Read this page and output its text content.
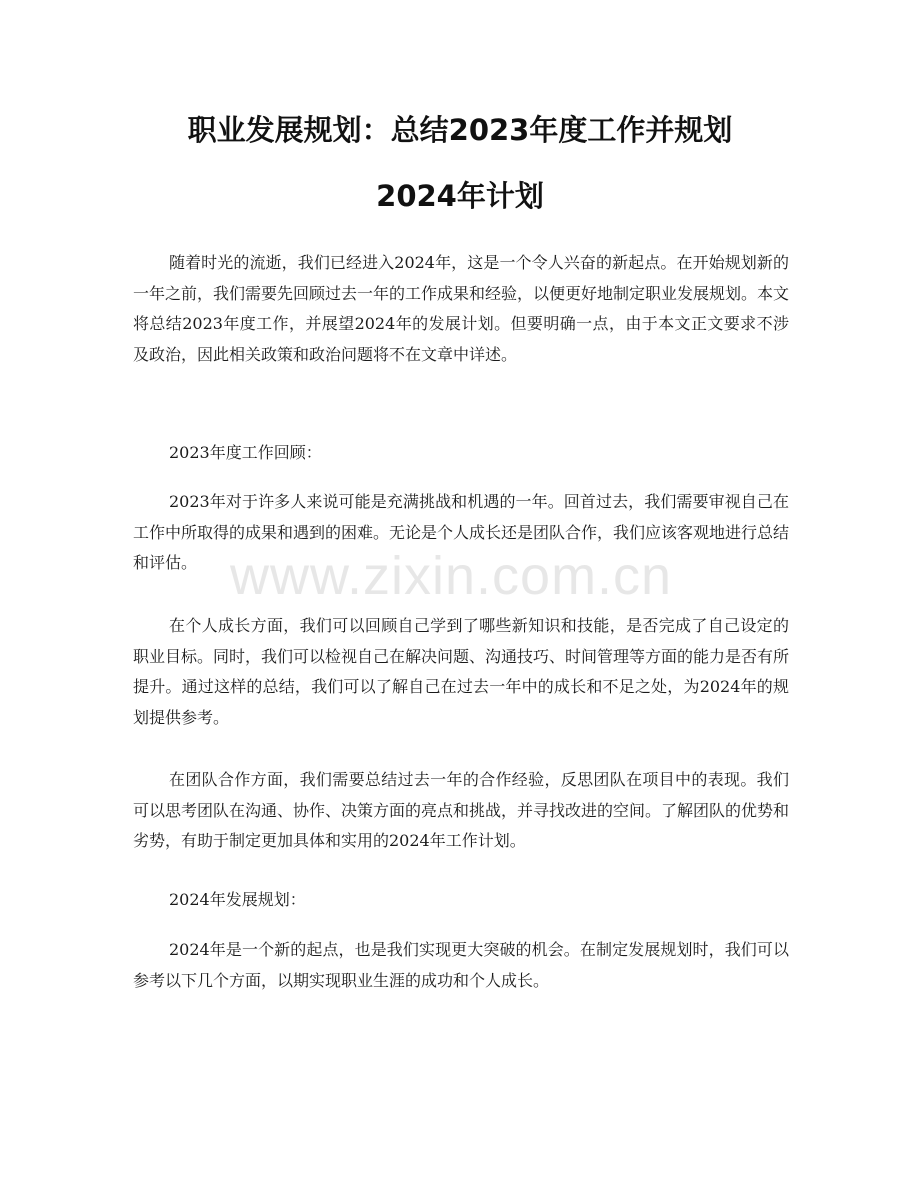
职业发展规划：总结2023年度工作并规划
2024年计划

随着时光的流逝，我们已经进入2024年，这是一个令人兴奋的新起点。在开始规划新的一年之前，我们需要先回顾过去一年的工作成果和经验，以便更好地制定职业发展规划。本文将总结2023年度工作，并展望2024年的发展计划。但要明确一点，由于本文正文要求不涉及政治，因此相关政策和政治问题将不在文章中详述。

2023年度工作回顾：

2023年对于许多人来说可能是充满挑战和机遇的一年。回首过去，我们需要审视自己在工作中所取得的成果和遇到的困难。无论是个人成长还是团队合作，我们应该客观地进行总结和评估。

在个人成长方面，我们可以回顾自己学到了哪些新知识和技能，是否完成了自己设定的职业目标。同时，我们可以检视自己在解决问题、沟通技巧、时间管理等方面的能力是否有所提升。通过这样的总结，我们可以了解自己在过去一年中的成长和不足之处，为2024年的规划提供参考。

在团队合作方面，我们需要总结过去一年的合作经验，反思团队在项目中的表现。我们可以思考团队在沟通、协作、决策方面的亮点和挑战，并寻找改进的空间。了解团队的优势和劣势，有助于制定更加具体和实用的2024年工作计划。

2024年发展规划：

2024年是一个新的起点，也是我们实现更大突破的机会。在制定发展规划时，我们可以参考以下几个方面，以期实现职业生涯的成功和个人成长。

www.zixin.com.cn
